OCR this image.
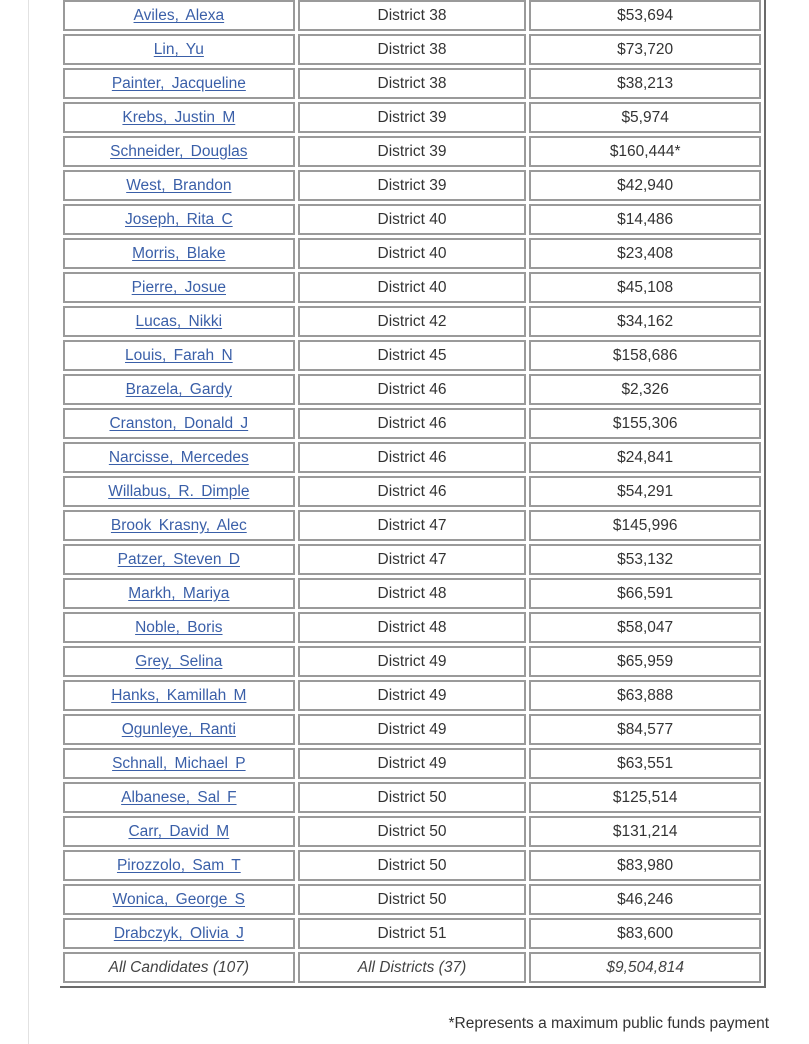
Aviles, Alexa	District 38	$53,694
Lin, Yu	District 38	$73,720
Painter, Jacqueline	District 38	$38,213
Krebs, Justin M	District 39	$5,974
Schneider, Douglas	District 39	$160,444*
West, Brandon	District 39	$42,940
Joseph, Rita C	District 40	$14,486
Morris, Blake	District 40	$23,408
Pierre, Josue	District 40	$45,108
Lucas, Nikki	District 42	$34,162
Louis, Farah N	District 45	$158,686
Brazela, Gardy	District 46	$2,326
Cranston, Donald J	District 46	$155,306
Narcisse, Mercedes	District 46	$24,841
Willabus, R. Dimple	District 46	$54,291
Brook Krasny, Alec	District 47	$145,996
Patzer, Steven D	District 47	$53,132
Markh, Mariya	District 48	$66,591
Noble, Boris	District 48	$58,047
Grey, Selina	District 49	$65,959
Hanks, Kamillah M	District 49	$63,888
Ogunleye, Ranti	District 49	$84,577
Schnall, Michael P	District 49	$63,551
Albanese, Sal F	District 50	$125,514
Carr, David M	District 50	$131,214
Pirozzolo, Sam T	District 50	$83,980
Wonica, George S	District 50	$46,246
Drabczyk, Olivia J	District 51	$83,600
All Candidates (107)	All Districts (37)	$9,504,814
*Represents a maximum public funds payment
